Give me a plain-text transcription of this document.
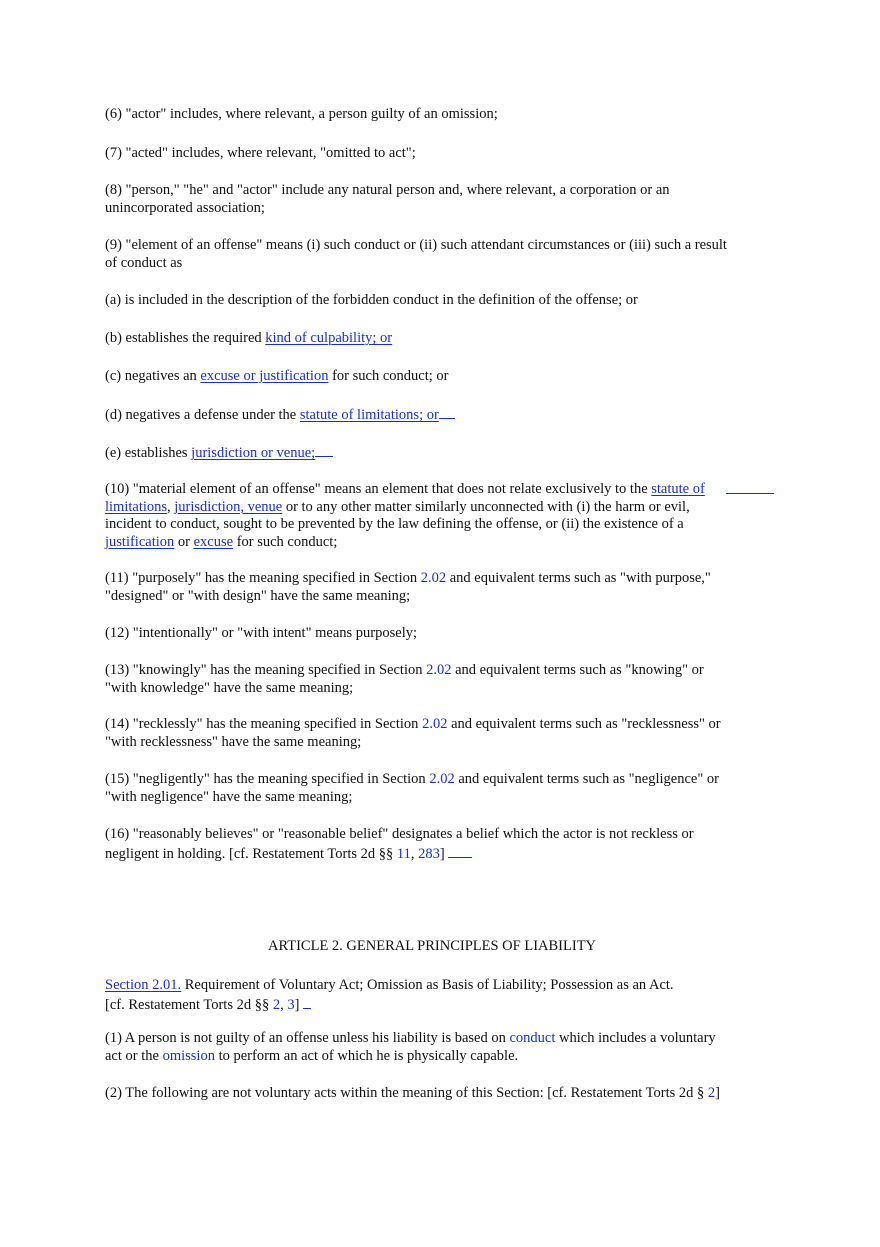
(6) "actor" includes, where relevant, a person guilty of an omission;

(7) "acted" includes, where relevant, "omitted to act";

(8) "person," "he" and "actor" include any natural person and, where relevant, a corporation or an unincorporated association;

(9) "element of an offense" means (i) such conduct or (ii) such attendant circumstances or (iii) such a result of conduct as

(a) is included in the description of the forbidden conduct in the definition of the offense; or

(b) establishes the required kind of culpability; or

(c) negatives an excuse or justification for such conduct; or

(d) negatives a defense under the statute of limitations; or

(e) establishes jurisdiction or venue;

(10) "material element of an offense" means an element that does not relate exclusively to the statute of limitations, jurisdiction, venue or to any other matter similarly unconnected with (i) the harm or evil, incident to conduct, sought to be prevented by the law defining the offense, or (ii) the existence of a justification or excuse for such conduct;

(11) "purposely" has the meaning specified in Section 2.02 and equivalent terms such as "with purpose," "designed" or "with design" have the same meaning;

(12) "intentionally" or "with intent" means purposely;

(13) "knowingly" has the meaning specified in Section 2.02 and equivalent terms such as "knowing" or "with knowledge" have the same meaning;

(14) "recklessly" has the meaning specified in Section 2.02 and equivalent terms such as "recklessness" or "with recklessness" have the same meaning;

(15) "negligently" has the meaning specified in Section 2.02 and equivalent terms such as "negligence" or "with negligence" have the same meaning;

(16) "reasonably believes" or "reasonable belief" designates a belief which the actor is not reckless or negligent in holding. [cf. Restatement Torts 2d §§ 11, 283]

ARTICLE 2. GENERAL PRINCIPLES OF LIABILITY

Section 2.01. Requirement of Voluntary Act; Omission as Basis of Liability; Possession as an Act. [cf. Restatement Torts 2d §§ 2, 3]

(1) A person is not guilty of an offense unless his liability is based on conduct which includes a voluntary act or the omission to perform an act of which he is physically capable.

(2) The following are not voluntary acts within the meaning of this Section: [cf. Restatement Torts 2d § 2]
